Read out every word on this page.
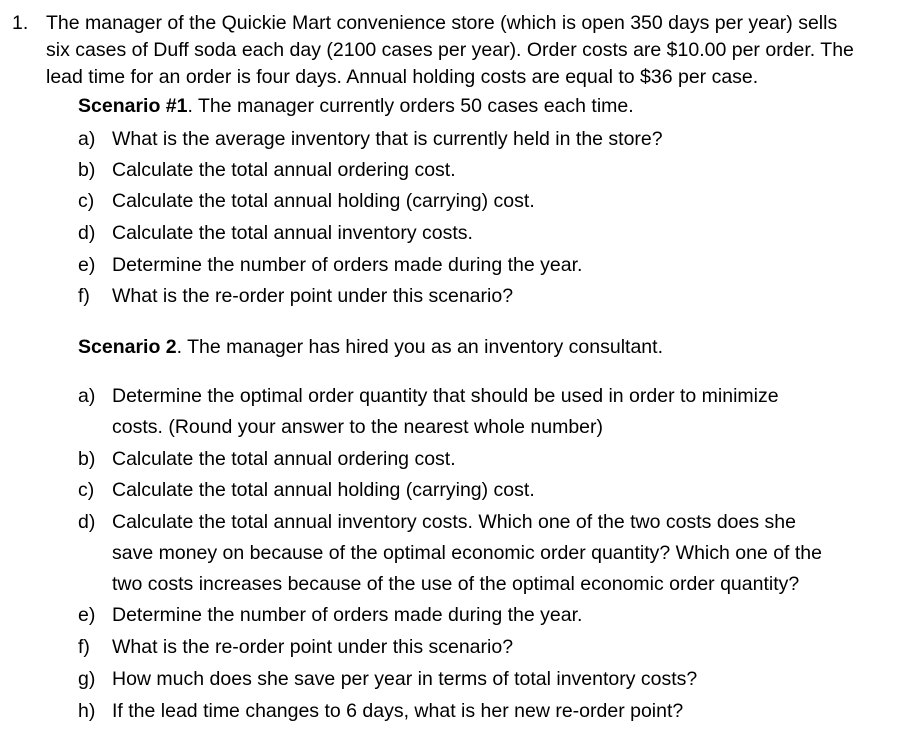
1. The manager of the Quickie Mart convenience store (which is open 350 days per year) sells
six cases of Duff soda each day (2100 cases per year). Order costs are $10.00 per order. The
lead time for an order is four days. Annual holding costs are equal to $36 per case.
Scenario #1. The manager currently orders 50 cases each time.
a) What is the average inventory that is currently held in the store?
b) Calculate the total annual ordering cost.
c) Calculate the total annual holding (carrying) cost.
d) Calculate the total annual inventory costs.
e) Determine the number of orders made during the year.
f) What is the re-order point under this scenario?
Scenario 2. The manager has hired you as an inventory consultant.
a) Determine the optimal order quantity that should be used in order to minimize
costs. (Round your answer to the nearest whole number)
b) Calculate the total annual ordering cost.
c) Calculate the total annual holding (carrying) cost.
d) Calculate the total annual inventory costs. Which one of the two costs does she
save money on because of the optimal economic order quantity? Which one of the
two costs increases because of the use of the optimal economic order quantity?
e) Determine the number of orders made during the year.
f) What is the re-order point under this scenario?
g) How much does she save per year in terms of total inventory costs?
h) If the lead time changes to 6 days, what is her new re-order point?
